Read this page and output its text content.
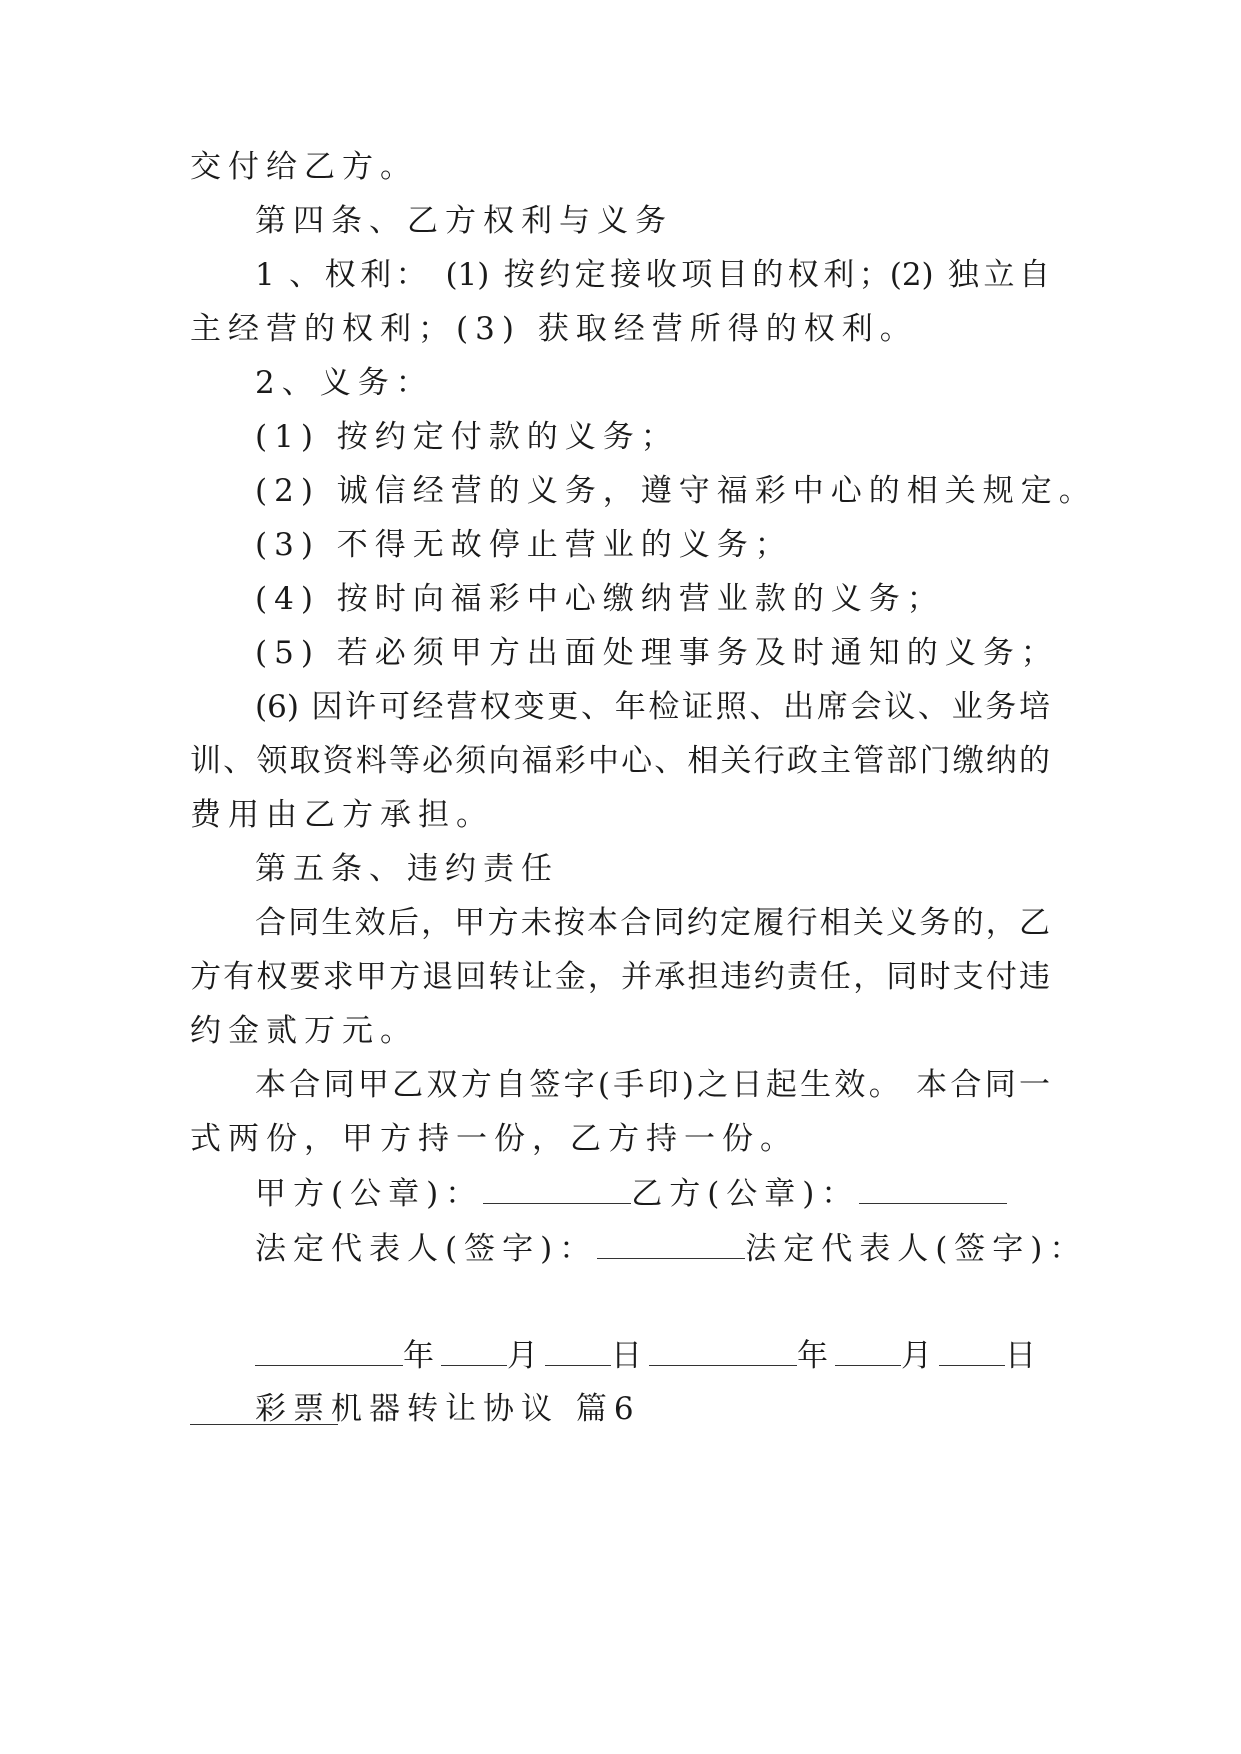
交付给乙方。
第四条、乙方权利与义务
1 、权利： (1) 按约定接收项目的权利；(2) 独立自
主经营的权利；(3) 获取经营所得的权利。
2、义务：
(1) 按约定付款的义务；
(2) 诚信经营的义务，遵守福彩中心的相关规定。
(3) 不得无故停止营业的义务；
(4) 按时向福彩中心缴纳营业款的义务；
(5) 若必须甲方出面处理事务及时通知的义务；
(6) 因许可经营权变更、年检证照、出席会议、业务培
训、领取资料等必须向福彩中心、相关行政主管部门缴纳的
费用由乙方承担。
第五条、违约责任
合同生效后，甲方未按本合同约定履行相关义务的，乙
方有权要求甲方退回转让金，并承担违约责任，同时支付违
约金贰万元。
本合同甲乙双方自签字(手印)之日起生效。 本合同一
式两份，甲方持一份，乙方持一份。
甲方(公章)：	乙方(公章)：
法定代表人(签字)：	法定代表人(签字)：
年 月 日	年 月 日
彩票机器转让协议 篇6
